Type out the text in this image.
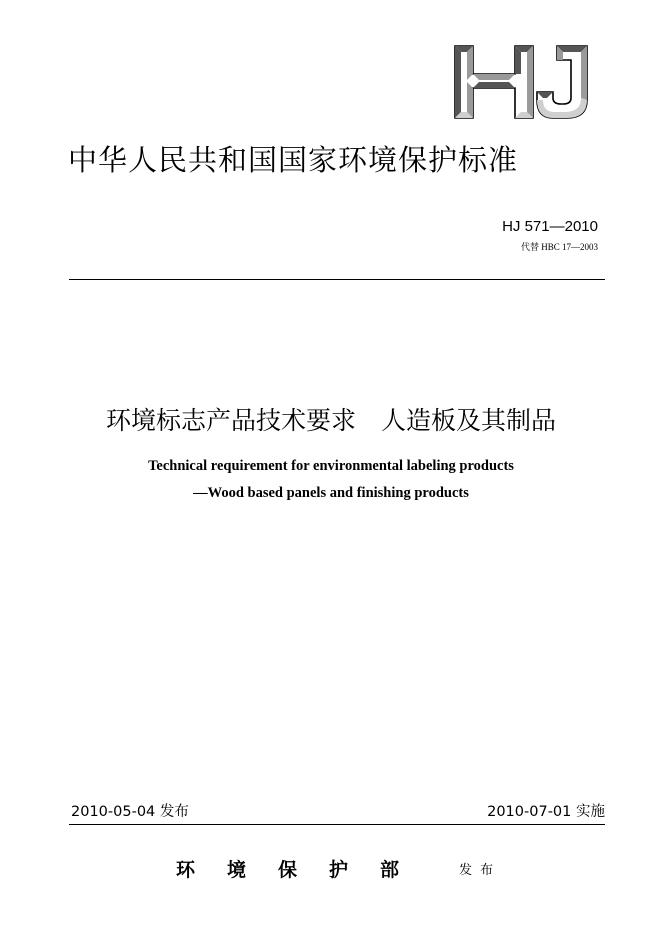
中华人民共和国国家环境保护标准
HJ 571—2010
代替 HBC 17—2003
环境标志产品技术要求　人造板及其制品
Technical requirement for environmental labeling products
—Wood based panels and finishing products
2010-05-04 发布	2010-07-01 实施
环境保护部 发布
